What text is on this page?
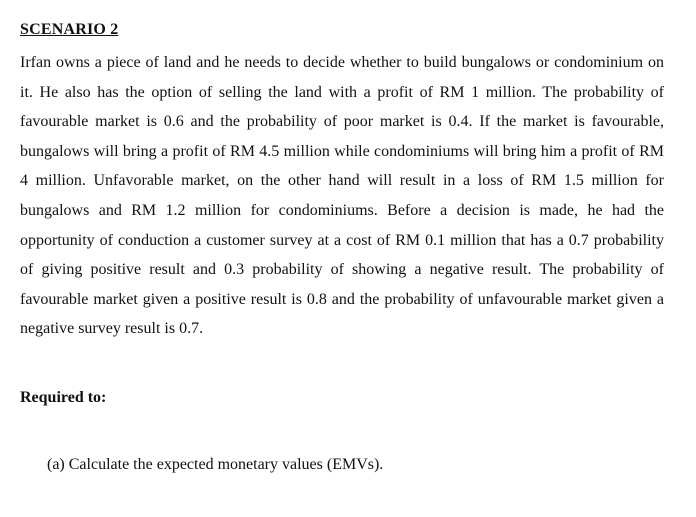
SCENARIO 2

Irfan owns a piece of land and he needs to decide whether to build bungalows or condominium on it. He also has the option of selling the land with a profit of RM 1 million. The probability of favourable market is 0.6 and the probability of poor market is 0.4. If the market is favourable, bungalows will bring a profit of RM 4.5 million while condominiums will bring him a profit of RM 4 million. Unfavorable market, on the other hand will result in a loss of RM 1.5 million for bungalows and RM 1.2 million for condominiums. Before a decision is made, he had the opportunity of conduction a customer survey at a cost of RM 0.1 million that has a 0.7 probability of giving positive result and 0.3 probability of showing a negative result. The probability of favourable market given a positive result is 0.8 and the probability of unfavourable market given a negative survey result is 0.7.

Required to:
(a) Calculate the expected monetary values (EMVs).
